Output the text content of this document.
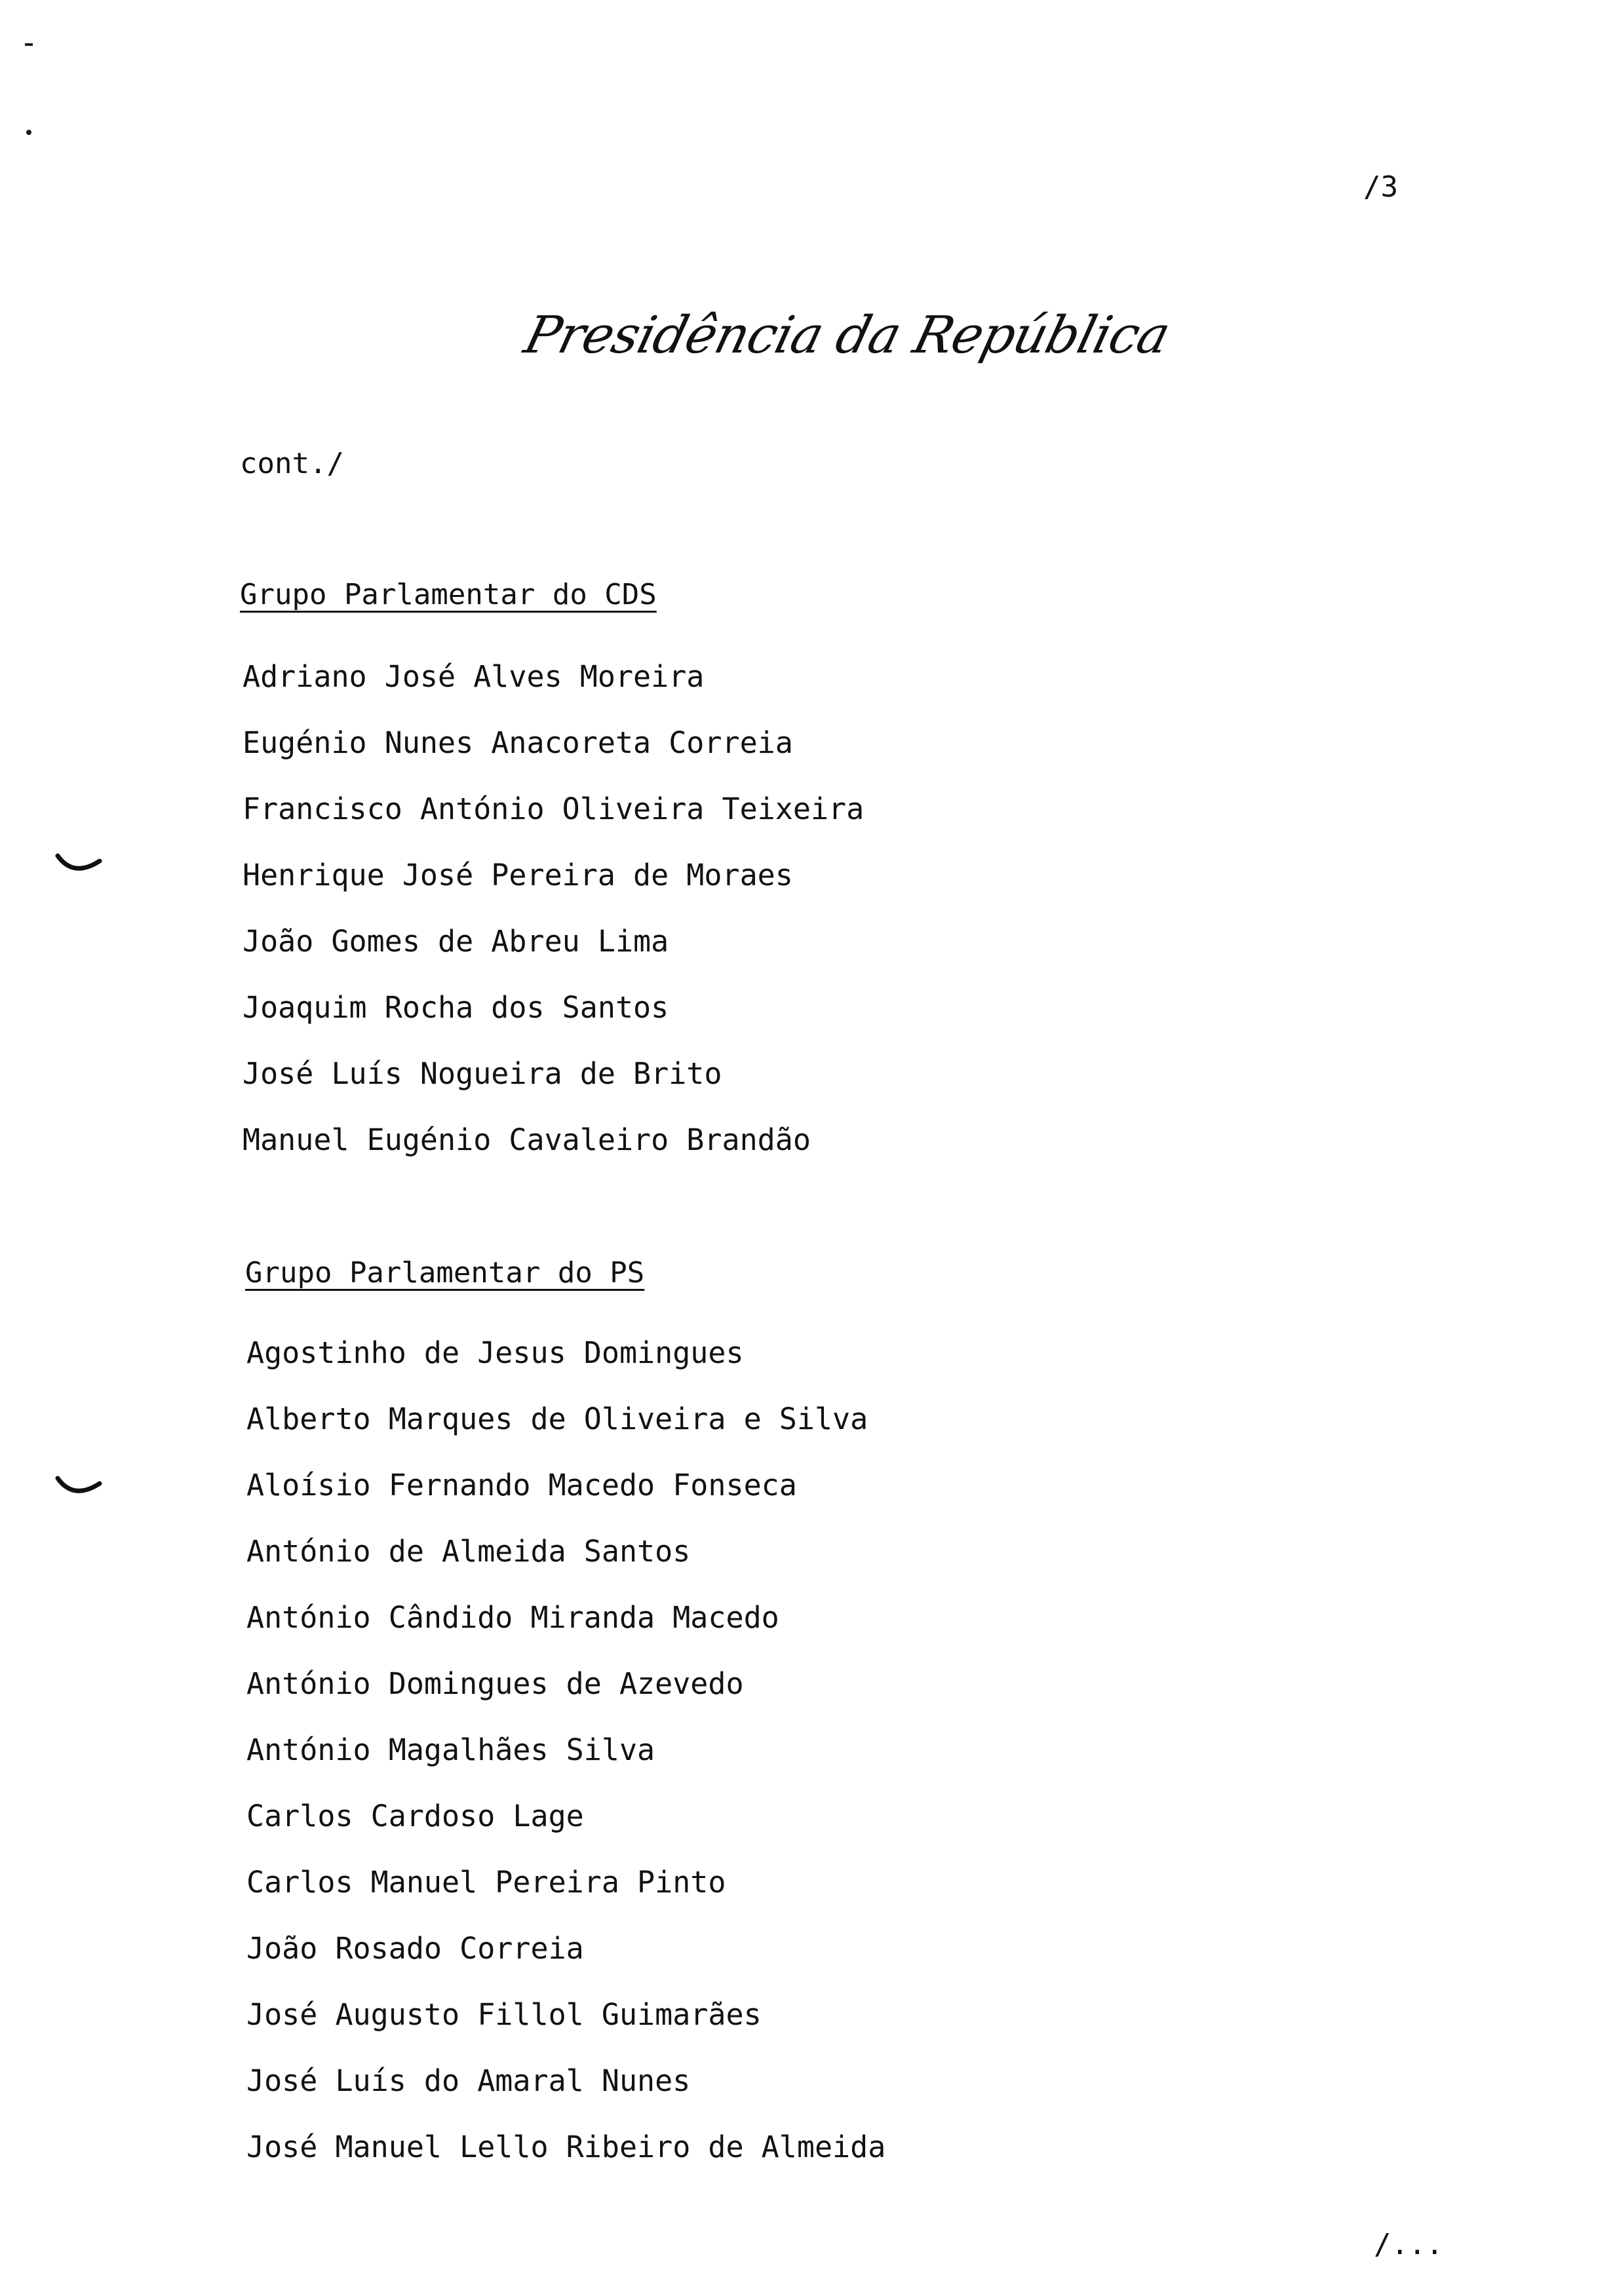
/3
Presidência da República
cont./
Grupo Parlamentar do CDS
Adriano José Alves Moreira
Eugénio Nunes Anacoreta Correia
Francisco António Oliveira Teixeira
Henrique José Pereira de Moraes
João Gomes de Abreu Lima
Joaquim Rocha dos Santos
José Luís Nogueira de Brito
Manuel Eugénio Cavaleiro Brandão
Grupo Parlamentar do PS
Agostinho de Jesus Domingues
Alberto Marques de Oliveira e Silva
Aloísio Fernando Macedo Fonseca
António de Almeida Santos
António Cândido Miranda Macedo
António Domingues de Azevedo
António Magalhães Silva
Carlos Cardoso Lage
Carlos Manuel Pereira Pinto
João Rosado Correia
José Augusto Fillol Guimarães
José Luís do Amaral Nunes
José Manuel Lello Ribeiro de Almeida
/...
